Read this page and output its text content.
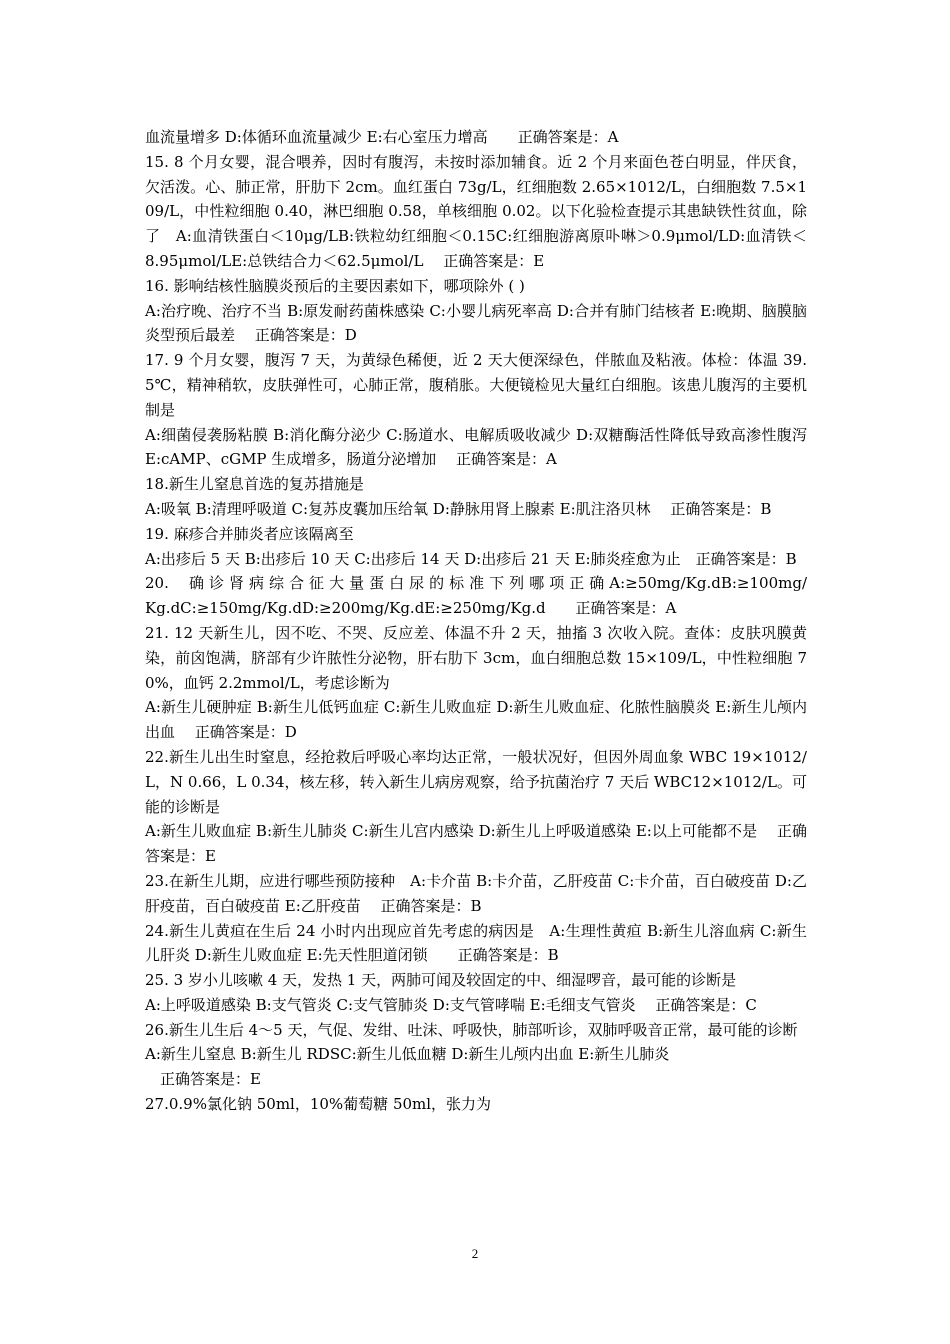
血流量增多 D:体循环血流量减少 E:右心室压力增高　　正确答案是：A

15. 8 个月女婴，混合喂养，因时有腹泻，未按时添加辅食。近 2 个月来面色苍白明显，伴厌食，欠活泼。心、肺正常，肝肋下 2cm。血红蛋白 73g/L，红细胞数 2.65×1012/L，白细胞数 7.5×109/L，中性粒细胞 0.40，淋巴细胞 0.58，单核细胞 0.02。以下化验检查提示其患缺铁性贫血，除了　A:血清铁蛋白＜10μg/LB:铁粒幼红细胞＜0.15C:红细胞游离原卟啉＞0.9μmol/LD:血清铁＜8.95μmol/LE:总铁结合力＜62.5μmol/L　 正确答案是：E

16. 影响结核性脑膜炎预后的主要因素如下，哪项除外 ( )

A:治疗晚、治疗不当 B:原发耐药菌株感染 C:小婴儿病死率高 D:合并有肺门结核者 E:晚期、脑膜脑炎型预后最差　 正确答案是：D

17. 9 个月女婴，腹泻 7 天，为黄绿色稀便，近 2 天大便深绿色，伴脓血及粘液。体检：体温 39.5℃，精神稍软，皮肤弹性可，心肺正常，腹稍胀。大便镜检见大量红白细胞。该患儿腹泻的主要机制是

A:细菌侵袭肠粘膜 B:消化酶分泌少 C:肠道水、电解质吸收减少 D:双糖酶活性降低导致高渗性腹泻 E:cAMP、cGMP 生成增多，肠道分泌增加　 正确答案是：A

18.新生儿窒息首选的复苏措施是

A:吸氧 B:清理呼吸道 C:复苏皮囊加压给氧 D:静脉用肾上腺素 E:肌注洛贝林　 正确答案是：B

19. 麻疹合并肺炎者应该隔离至

A:出疹后 5 天 B:出疹后 10 天 C:出疹后 14 天 D:出疹后 21 天 E:肺炎痊愈为止　正确答案是：B

20.　 确 诊 肾 病 综 合 征 大 量 蛋 白 尿 的 标 准 下 列 哪 项 正 确 A:≥50mg/Kg.dB:≥100mg/Kg.dC:≥150mg/Kg.dD:≥200mg/Kg.dE:≥250mg/Kg.d　　正确答案是：A

21. 12 天新生儿，因不吃、不哭、反应差、体温不升 2 天，抽搐 3 次收入院。查体：皮肤巩膜黄染，前囟饱满，脐部有少许脓性分泌物，肝右肋下 3cm，血白细胞总数 15×109/L，中性粒细胞 70%，血钙 2.2mmol/L，考虑诊断为

A:新生儿硬肿症 B:新生儿低钙血症 C:新生儿败血症 D:新生儿败血症、化脓性脑膜炎 E:新生儿颅内出血　 正确答案是：D

22.新生儿出生时窒息，经抢救后呼吸心率均达正常，一般状况好，但因外周血象 WBC 19×1012/L，N 0.66，L 0.34，核左移，转入新生儿病房观察，给予抗菌治疗 7 天后 WBC12×1012/L。可能的诊断是

A:新生儿败血症 B:新生儿肺炎 C:新生儿宫内感染 D:新生儿上呼吸道感染 E:以上可能都不是　 正确答案是：E

23.在新生儿期，应进行哪些预防接种　A:卡介苗 B:卡介苗，乙肝疫苗 C:卡介苗，百白破疫苗 D:乙肝疫苗，百白破疫苗 E:乙肝疫苗　 正确答案是：B

24.新生儿黄疸在生后 24 小时内出现应首先考虑的病因是　A:生理性黄疸 B:新生儿溶血病 C:新生儿肝炎 D:新生儿败血症 E:先天性胆道闭锁　　正确答案是：B

25. 3 岁小儿咳嗽 4 天，发热 1 天，两肺可闻及较固定的中、细湿啰音，最可能的诊断是

A:上呼吸道感染 B:支气管炎 C:支气管肺炎 D:支气管哮喘 E:毛细支气管炎　 正确答案是：C

26.新生儿生后 4～5 天，气促、发绀、吐沫、呼吸快，肺部听诊，双肺呼吸音正常，最可能的诊断

A:新生儿窒息 B:新生儿 RDSC:新生儿低血糖 D:新生儿颅内出血 E:新生儿肺炎

　正确答案是：E

27.0.9%氯化钠 50ml，10%葡萄糖 50ml，张力为

2
